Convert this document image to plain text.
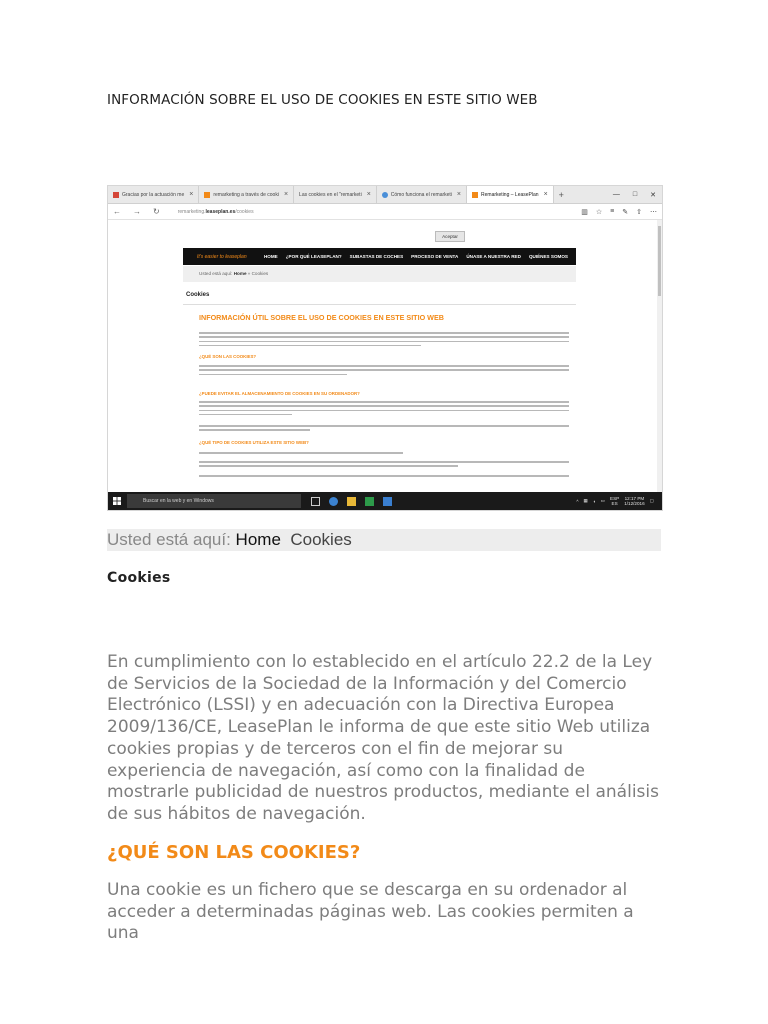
INFORMACIÓN SOBRE EL USO DE COOKIES EN ESTE SITIO WEB
Gracias por la actuación me ×	remarketing a través de cooki × Las cookies en el "remarketi ×	Cómo funciona el remarketi ×	Remarketing – LeasePlan ×	+	— □ ✕
← → ↻	remarketing.leaseplan.es/cookies	▥ ☆ ≡ ✎ ⇧ ⋯
Aceptar
It's easier to leaseplan	HOME ¿POR QUÉ LEASEPLAN? SUBASTAS DE COCHES PROCESO DE VENTA ÚNASE A NUESTRA RED QUIÉNES SOMOS
Usted está aquí: Home » Cookies
Cookies
INFORMACIÓN ÚTIL SOBRE EL USO DE COOKIES EN ESTE SITIO WEB
¿QUÉ SON LAS COOKIES?
¿PUEDE EVITAR EL ALMACENAMIENTO DE COOKIES EN SU ORDENADOR?
¿QUÉ TIPO DE COOKIES UTILIZA ESTE SITIO WEB?
Buscar en la web y en Windows	^ ▦ ◖ ▭ ESP
ES
12:17 PM
1/12/2016
▢
Usted está aquí: Home Cookies
Cookies
En cumplimiento con lo establecido en el artículo 22.2 de la Ley de Servicios de la Sociedad de la Información y del Comercio Electrónico (LSSI) y en adecuación con la Directiva Europea 2009/136/CE, LeasePlan le informa de que este sitio Web utiliza cookies propias y de terceros con el fin de mejorar su experiencia de navegación, así como con la finalidad de mostrarle publicidad de nuestros productos, mediante el análisis de sus hábitos de navegación.
¿QUÉ SON LAS COOKIES?
Una cookie es un fichero que se descarga en su ordenador al acceder a determinadas páginas web. Las cookies permiten a una
